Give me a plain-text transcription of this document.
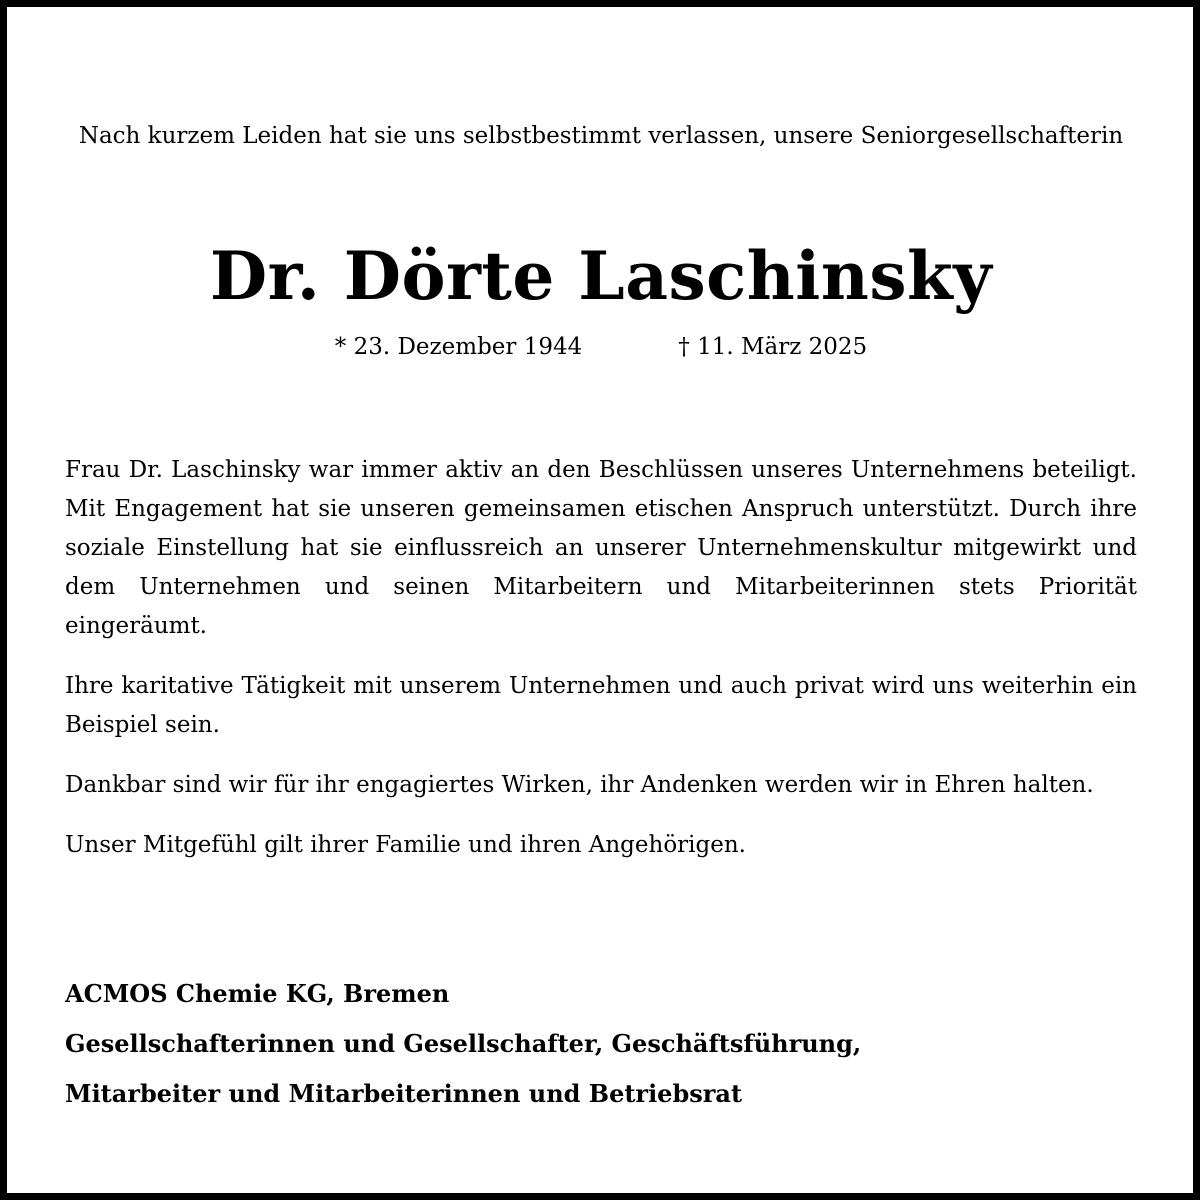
Nach kurzem Leiden hat sie uns selbstbestimmt verlassen, unsere Seniorgesellschafterin
Dr. Dörte Laschinsky
* 23. Dezember 1944	† 11. März 2025

Frau Dr. Laschinsky war immer aktiv an den Beschlüssen unseres Unternehmens beteiligt. Mit Engagement hat sie unseren gemeinsamen etischen Anspruch unterstützt. Durch ihre soziale Einstellung hat sie einflussreich an unserer Unternehmenskultur mitgewirkt und dem Unternehmen und seinen Mitarbeitern und Mitarbeiterinnen stets Priorität eingeräumt.

Ihre karitative Tätigkeit mit unserem Unternehmen und auch privat wird uns weiterhin ein Beispiel sein.

Dankbar sind wir für ihr engagiertes Wirken, ihr Andenken werden wir in Ehren halten.

Unser Mitgefühl gilt ihrer Familie und ihren Angehörigen.

ACMOS Chemie KG, Bremen
Gesellschafterinnen und Gesellschafter, Geschäftsführung,
Mitarbeiter und Mitarbeiterinnen und Betriebsrat
